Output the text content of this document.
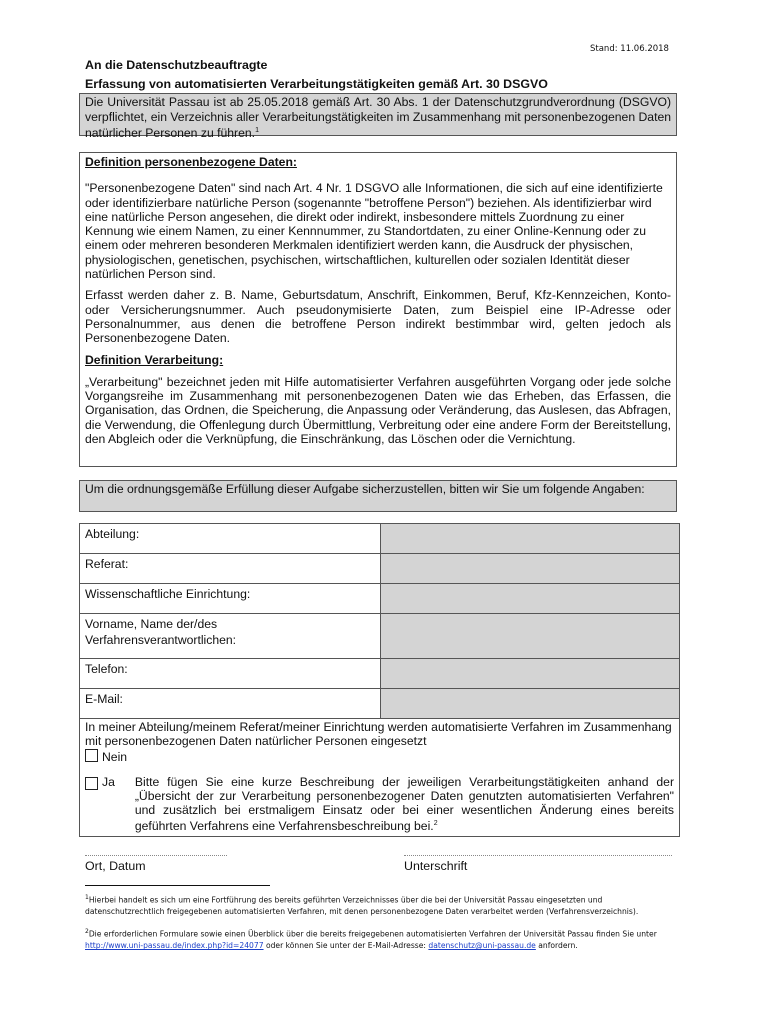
Stand: 11.06.2018
An die Datenschutzbeauftragte
Erfassung von automatisierten Verarbeitungstätigkeiten gemäß Art. 30 DSGVO
Die Universität Passau ist ab 25.05.2018 gemäß Art. 30 Abs. 1 der Datenschutzgrundverordnung (DSGVO) verpflichtet, ein Verzeichnis aller Verarbeitungstätigkeiten im Zusammenhang mit personenbezogenen Daten natürlicher Personen zu führen.$^1$

Definition personenbezogene Daten:

"Personenbezogene Daten" sind nach Art. 4 Nr. 1 DSGVO alle Informationen, die sich auf eine identifizierte oder identifizierbare natürliche Person (sogenannte "betroffene Person") beziehen. Als identifizierbar wird eine natürliche Person angesehen, die direkt oder indirekt, insbesondere mittels Zuordnung zu einer Kennung wie einem Namen, zu einer Kennnummer, zu Standortdaten, zu einer Online-Kennung oder zu einem oder mehreren besonderen Merkmalen identifiziert werden kann, die Ausdruck der physischen, physiologischen, genetischen, psychischen, wirtschaftlichen, kulturellen oder sozialen Identität dieser natürlichen Person sind.

Erfasst werden daher z. B. Name, Geburtsdatum, Anschrift, Einkommen, Beruf, Kfz-Kennzeichen, Konto- oder Versicherungsnummer. Auch pseudonymisierte Daten, zum Beispiel eine IP-Adresse oder Personalnummer, aus denen die betroffene Person indirekt bestimmbar wird, gelten jedoch als Personenbezogene Daten.

Definition Verarbeitung:

„Verarbeitung" bezeichnet jeden mit Hilfe automatisierter Verfahren ausgeführten Vorgang oder jede solche Vorgangsreihe im Zusammenhang mit personenbezogenen Daten wie das Erheben, das Erfassen, die Organisation, das Ordnen, die Speicherung, die Anpassung oder Veränderung, das Auslesen, das Abfragen, die Verwendung, die Offenlegung durch Übermittlung, Verbreitung oder eine andere Form der Bereitstellung, den Abgleich oder die Verknüpfung, die Einschränkung, das Löschen oder die Vernichtung.

Um die ordnungsgemäße Erfüllung dieser Aufgabe sicherzustellen, bitten wir Sie um folgende Angaben:
Abteilung:	
Referat:	
Wissenschaftliche Einrichtung:	
Vorname, Name der/des
Verfahrensverantwortlichen:	
Telefon:	
E-Mail:	

In meiner Abteilung/meinem Referat/meiner Einrichtung werden automatisierte Verfahren im Zusammenhang mit personenbezogenen Daten natürlicher Personen eingesetzt
Nein
Ja Bitte fügen Sie eine kurze Beschreibung der jeweiligen Verarbeitungstätigkeiten anhand der „Übersicht der zur Verarbeitung personenbezogener Daten genutzten automatisierten Verfahren" und zusätzlich bei erstmaligem Einsatz oder bei einer wesentlichen Änderung eines bereits geführten Verfahrens eine Verfahrensbeschreibung bei.$^2$
Ort, Datum	Unterschrift
$^1$Hierbei handelt es sich um eine Fortführung des bereits geführten Verzeichnisses über die bei der Universität Passau eingesetzten und datenschutzrechtlich freigegebenen automatisierten Verfahren, mit denen personenbezogene Daten verarbeitet werden (Verfahrensverzeichnis).
$^2$Die erforderlichen Formulare sowie einen Überblick über die bereits freigegebenen automatisierten Verfahren der Universität Passau finden Sie unter http://www.uni-passau.de/index.php?id=24077 oder können Sie unter der E-Mail-Adresse: datenschutz@uni-passau.de anfordern.
